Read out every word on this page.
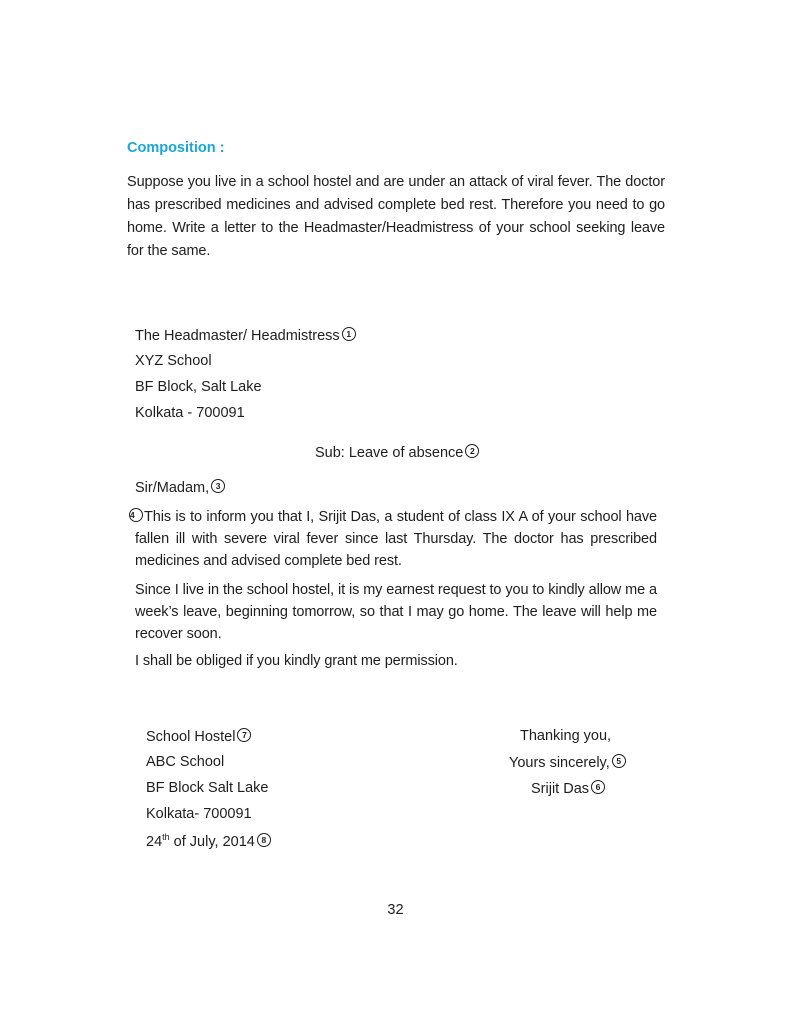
Composition :
Suppose you live in a school hostel and are under an attack of viral fever. The doctor has prescribed medicines and advised complete bed rest. Therefore you need to go home. Write a letter to the Headmaster/Headmistress of your school seeking leave for the same.
The Headmaster/ Headmistress 1
XYZ School
BF Block, Salt Lake
Kolkata - 700091
Sub: Leave of absence 2
Sir/Madam, 3
4 This is to inform you that I, Srijit Das, a student of class IX A of your school have fallen ill with severe viral fever since last Thursday. The doctor has prescribed medicines and advised complete bed rest.
Since I live in the school hostel, it is my earnest request to you to kindly allow me a week’s leave, beginning tomorrow, so that I may go home. The leave will help me recover soon.
I shall be obliged if you kindly grant me permission.
School Hostel 7
ABC School
BF Block Salt Lake
Kolkata- 700091
24th of July, 2014 8
Thanking you,
Yours sincerely, 5
Srijit Das 6
32
